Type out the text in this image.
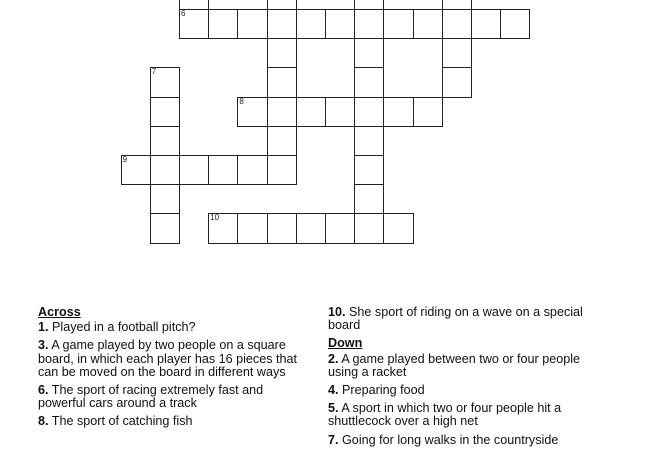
6
7
8
9
10
Across
1. Played in a football pitch?
3. A game played by two people on a square board, in which each player has 16 pieces that can be moved on the board in different ways
6. The sport of racing extremely fast and powerful cars around a track
8. The sport of catching fish
10. She sport of riding on a wave on a special board
Down
2. A game played between two or four people using a racket
4. Preparing food
5. A sport in which two or four people hit a shuttlecock over a high net
7. Going for long walks in the countryside
